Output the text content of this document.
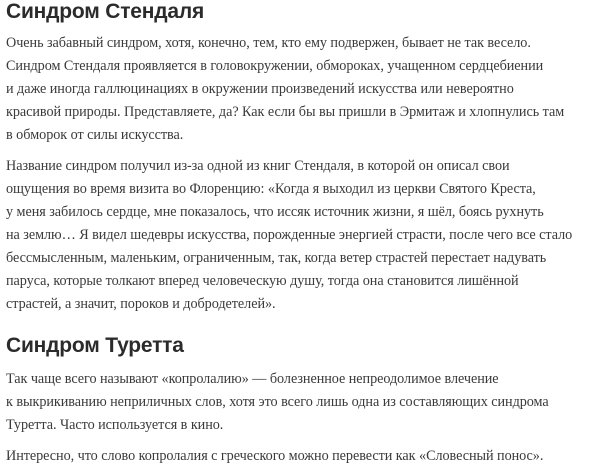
Синдром Стендаля

Очень забавный синдром, хотя, конечно, тем, кто ему подвержен, бывает не так весело.
Синдром Стендаля проявляется в головокружении, обмороках, учащенном сердцебиении
и даже иногда галлюцинациях в окружении произведений искусства или невероятно
красивой природы. Представляете, да? Как если бы вы пришли в Эрмитаж и хлопнулись там
в обморок от силы искусства.

Название синдром получил из-за одной из книг Стендаля, в которой он описал свои
ощущения во время визита во Флоренцию: «Когда я выходил из церкви Святого Креста,
у меня забилось сердце, мне показалось, что иссяк источник жизни, я шёл, боясь рухнуть
на землю… Я видел шедевры искусства, порожденные энергией страсти, после чего все стало
бессмысленным, маленьким, ограниченным, так, когда ветер страстей перестает надувать
паруса, которые толкают вперед человеческую душу, тогда она становится лишённой
страстей, а значит, пороков и добродетелей».

Синдром Туретта

Так чаще всего называют «копролалию» — болезненное непреодолимое влечение
к выкрикиванию неприличных слов, хотя это всего лишь одна из составляющих синдрома
Туретта. Часто используется в кино.

Интересно, что слово копролалия с греческого можно перевести как «Словесный понос».
